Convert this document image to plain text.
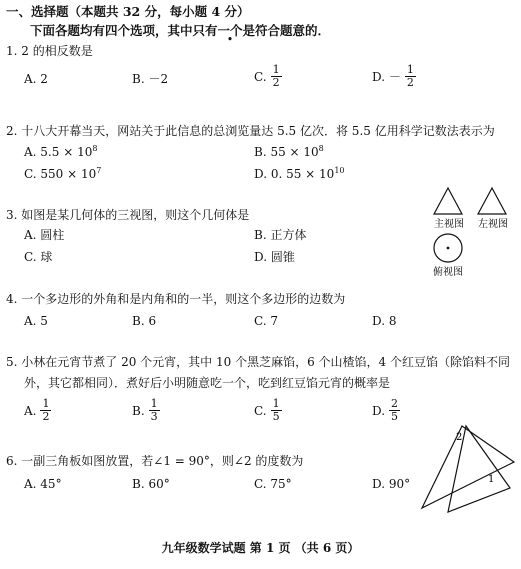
一、选择题（本题共 32 分，每小题 4 分）
下面各题均有四个选项，其中只有一个是符合题意的．
1. 2 的相反数是
A. 2	B. －2	C. $\frac{1}{2}$	D. － $\frac{1}{2}$
2. 十八大开幕当天，网站关于此信息的总浏览量达 5.5 亿次．将 5.5 亿用科学记数法表示为
A. $5.5 \times 10^8$	B. $55 \times 10^8$
C. $550 \times 10^7$	D. 0. $55 \times 10^{10}$
3. 如图是某几何体的三视图，则这个几何体是
A. 圆柱	B. 正方体
C. 球	D. 圆锥
主视图 左视图
俯视图
4. 一个多边形的外角和是内角和的一半，则这个多边形的边数为
A. 5	B. 6	C. 7	D. 8
5. 小林在元宵节煮了 20 个元宵，其中 10 个黑芝麻馅，6 个山楂馅，4 个红豆馅（除馅料不同
外，其它都相同）．煮好后小明随意吃一个，吃到红豆馅元宵的概率是
A. $\frac{1}{2}$	B. $\frac{1}{3}$	C. $\frac{1}{5}$	D. $\frac{2}{5}$
6. 一副三角板如图放置，若∠1 = 90°，则∠2 的度数为
A. 45°	B. 60°	C. 75°	D. 90°
2
1
九年级数学试题 第 1 页 （共 6 页）
